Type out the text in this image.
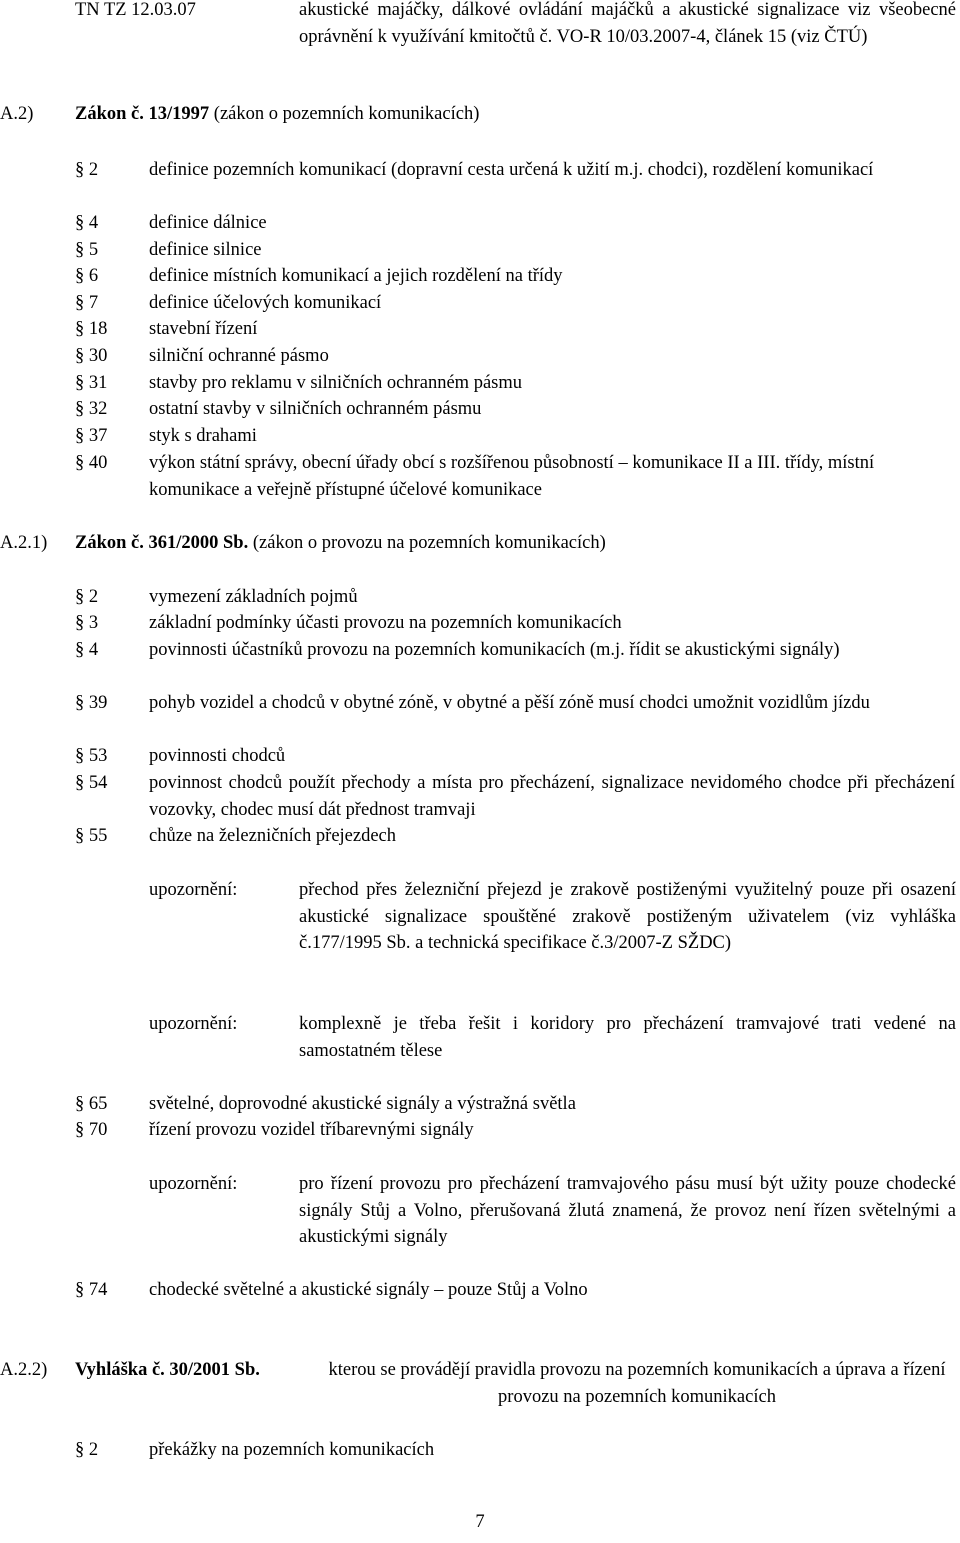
TN TZ 12.03.07	akustické majáčky, dálkové ovládání majáčků a akustické signalizace viz všeobecné oprávnění k využívání kmitočtů č. VO-R 10/03.2007-4, článek 15 (viz ČTÚ)
A.2) Zákon č. 13/1997 (zákon o pozemních komunikacích)
§ 2	definice pozemních komunikací (dopravní cesta určená k užití m.j. chodci), rozdělení komunikací
§ 4	definice dálnice
§ 5	definice silnice
§ 6	definice místních komunikací a jejich rozdělení na třídy
§ 7	definice účelových komunikací
§ 18	stavební řízení
§ 30	silniční ochranné pásmo
§ 31	stavby pro reklamu v silničních ochranném pásmu
§ 32	ostatní stavby v silničních ochranném pásmu
§ 37	styk s drahami
§ 40	výkon státní správy, obecní úřady obcí s rozšířenou působností – komunikace II a III. třídy, místní komunikace a veřejně přístupné účelové komunikace
A.2.1) Zákon č. 361/2000 Sb. (zákon o provozu na pozemních komunikacích)
§ 2	vymezení základních pojmů
§ 3	základní podmínky účasti provozu na pozemních komunikacích
§ 4	povinnosti účastníků provozu na pozemních komunikacích (m.j. řídit se akustickými signály)
§ 39	pohyb vozidel a chodců v obytné zóně, v obytné a pěší zóně musí chodci umožnit vozidlům jízdu
§ 53	povinnosti chodců
§ 54	povinnost chodců použít přechody a místa pro přecházení, signalizace nevidomého chodce při přecházení vozovky, chodec musí dát přednost tramvaji
§ 55	chůze na železničních přejezdech
upozornění:	přechod přes železniční přejezd je zrakově postiženými využitelný pouze při osazení akustické signalizace spouštěné zrakově postiženým uživatelem (viz vyhláška č.177/1995 Sb. a technická specifikace č.3/2007-Z SŽDC)
upozornění:	komplexně je třeba řešit i koridory pro přecházení tramvajové trati vedené na samostatném tělese
§ 65	světelné, doprovodné akustické signály a výstražná světla
§ 70	řízení provozu vozidel tříbarevnými signály
upozornění:	pro řízení provozu pro přecházení tramvajového pásu musí být užity pouze chodecké signály Stůj a Volno, přerušovaná žlutá znamená, že provoz není řízen světelnými a akustickými signály
§ 74	chodecké světelné a akustické signály – pouze Stůj a Volno
A.2.2) Vyhláška č. 30/2001 Sb.	kterou se provádějí pravidla provozu na pozemních komunikacích a úprava a řízení provozu na pozemních komunikacích
§ 2	překážky na pozemních komunikacích
7
